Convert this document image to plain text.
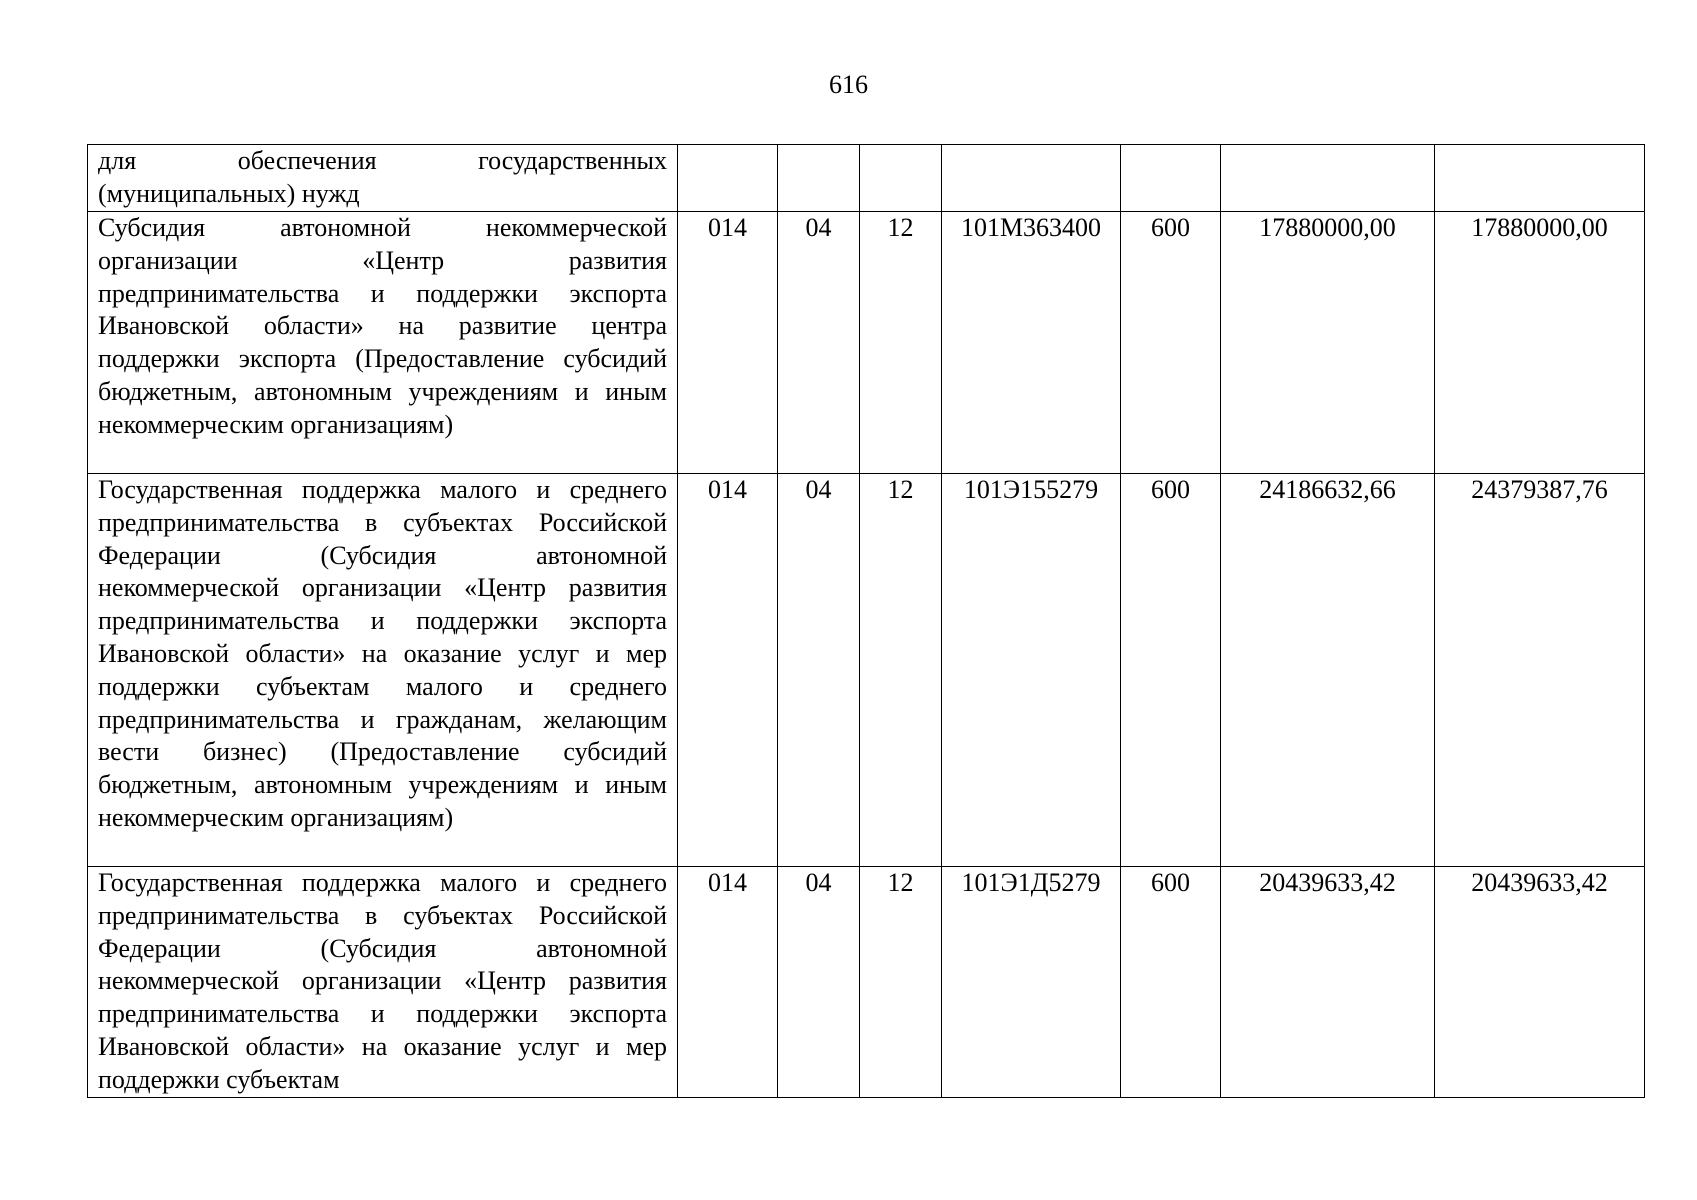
616
для обеспечения государственных (муниципальных) нужд							
Субсидия автономной некоммерческой организации «Центр развития предпринимательства и поддержки экспорта Ивановской области» на развитие центра поддержки экспорта (Предоставление субсидий бюджетным, автономным учреждениям и иным некоммерческим организациям)	014	04	12	101М363400	600	17880000,00	17880000,00
Государственная поддержка малого и среднего предпринимательства в субъектах Российской Федерации (Субсидия автономной некоммерческой организации «Центр развития предпринимательства и поддержки экспорта Ивановской области» на оказание услуг и мер поддержки субъектам малого и среднего предпринимательства и гражданам, желающим вести бизнес) (Предоставление субсидий бюджетным, автономным учреждениям и иным некоммерческим организациям)	014	04	12	101Э155279	600	24186632,66	24379387,76
Государственная поддержка малого и среднего предпринимательства в субъектах Российской Федерации (Субсидия автономной некоммерческой организации «Центр развития предпринимательства и поддержки экспорта Ивановской области» на оказание услуг и мер поддержки субъектам	014	04	12	101Э1Д5279	600	20439633,42	20439633,42
